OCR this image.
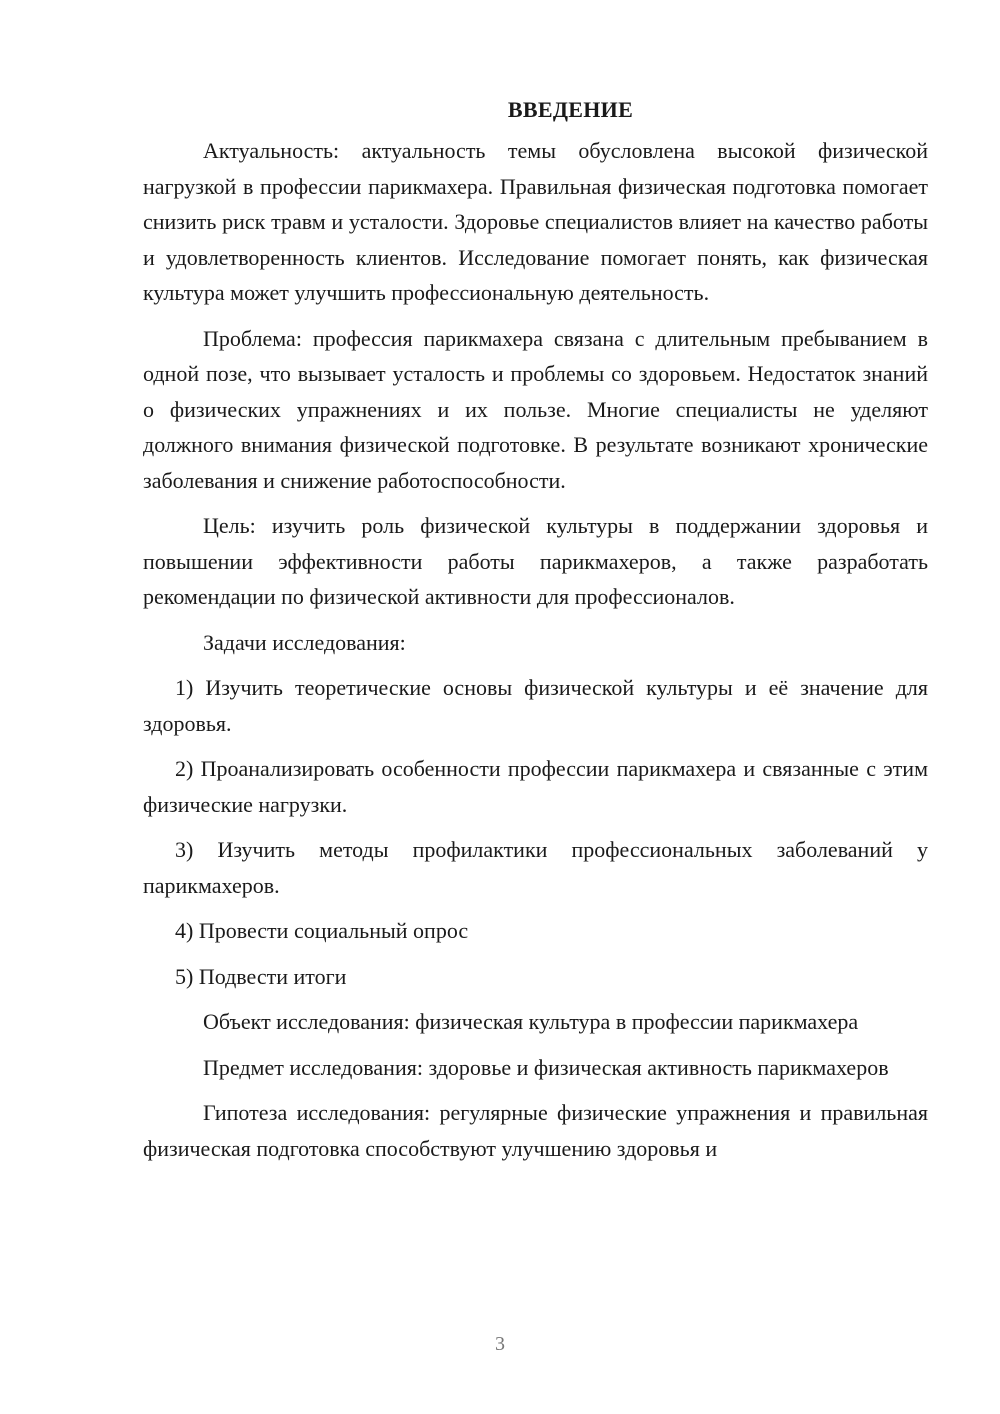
ВВЕДЕНИЕ

Актуальность: актуальность темы обусловлена высокой физической нагрузкой в профессии парикмахера. Правильная физическая подготовка помогает снизить риск травм и усталости. Здоровье специалистов влияет на качество работы и удовлетворенность клиентов. Исследование помогает понять, как физическая культура может улучшить профессиональную деятельность.

Проблема: профессия парикмахера связана с длительным пребыванием в одной позе, что вызывает усталость и проблемы со здоровьем. Недостаток знаний о физических упражнениях и их пользе. Многие специалисты не уделяют должного внимания физической подготовке. В результате возникают хронические заболевания и снижение работоспособности.

Цель: изучить роль физической культуры в поддержании здоровья и повышении эффективности работы парикмахеров, а также разработать рекомендации по физической активности для профессионалов.

Задачи исследования:

1) Изучить теоретические основы физической культуры и её значение для здоровья.

2) Проанализировать особенности профессии парикмахера и связанные с этим физические нагрузки.

3) Изучить методы профилактики профессиональных заболеваний у парикмахеров.

4) Провести социальный опрос

5) Подвести итоги

Объект исследования: физическая культура в профессии парикмахера

Предмет исследования: здоровье и физическая активность парикмахеров

Гипотеза исследования: регулярные физические упражнения и правильная физическая подготовка способствуют улучшению здоровья и

3
